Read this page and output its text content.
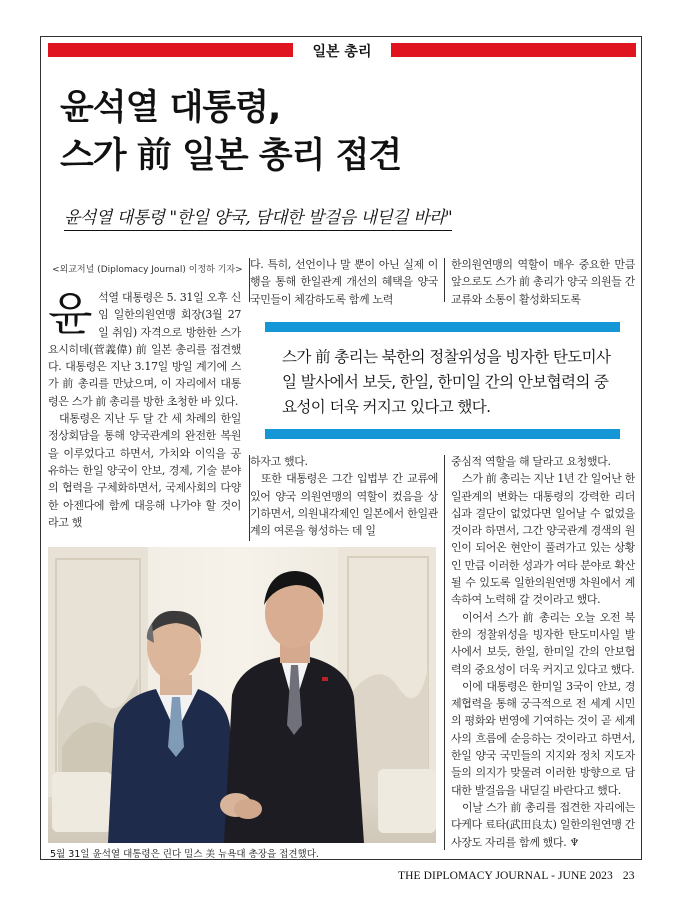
일본 총리
윤석열 대통령,
스가 前 일본 총리 접견
윤석열 대통령 "한일 양국, 담대한 발걸음 내딛길 바라"
<외교저널 (Diplomacy Journal) 이정하 기자>
윤 석열 대통령은 5. 31일 오후 신임 일한의원연맹 회장(3월 27일 취임) 자격으로 방한한 스가 요시히데(菅義偉) 前 일본 총리를 접견했다. 대통령은 지난 3.17일 방일 계기에 스가 前 총리를 만났으며, 이 자리에서 대통령은 스가 前 총리를 방한 초청한 바 있다.

대통령은 지난 두 달 간 세 차례의 한일 정상회담을 통해 양국관계의 완전한 복원을 이루었다고 하면서, 가치와 이익을 공유하는 한일 양국이 안보, 경제, 기술 분야의 협력을 구체화하면서, 국제사회의 다양한 아젠다에 함께 대응해 나가야 할 것이라고 했

다. 특히, 선언이나 말 뿐이 아닌 실제 이행을 통해 한일관계 개선의 혜택을 양국 국민들이 체감하도록 함께 노력

한의원연맹의 역할이 매우 중요한 만큼 앞으로도 스가 前 총리가 양국 의원들 간 교류와 소통이 활성화되도록

스가 前 총리는 북한의 정찰위성을 빙자한 탄도미사일 발사에서 보듯, 한일, 한미일 간의 안보협력의 중요성이 더욱 커지고 있다고 했다.

하자고 했다.

또한 대통령은 그간 입법부 간 교류에 있어 양국 의원연맹의 역할이 컸음을 상기하면서, 의원내각제인 일본에서 한일관계의 여론을 형성하는 데 일

중심적 역할을 해 달라고 요청했다.

스가 前 총리는 지난 1년 간 일어난 한일관계의 변화는 대통령의 강력한 리더십과 결단이 없었다면 일어날 수 없었을 것이라 하면서, 그간 양국관계 경색의 원인이 되어온 현안이 풀려가고 있는 상황인 만큼 이러한 성과가 여타 분야로 확산될 수 있도록 일한의원연맹 차원에서 계속하여 노력해 갈 것이라고 했다.

이어서 스가 前 총리는 오늘 오전 북한의 정찰위성을 빙자한 탄도미사일 발사에서 보듯, 한일, 한미일 간의 안보협력의 중요성이 더욱 커지고 있다고 했다.

이에 대통령은 한미일 3국이 안보, 경제협력을 통해 궁극적으로 전 세계 시민의 평화와 번영에 기여하는 것이 곧 세계사의 흐름에 순응하는 것이라고 하면서, 한일 양국 국민들의 지지와 정치 지도자들의 의지가 맞물려 이러한 방향으로 담대한 발걸음을 내딛길 바란다고 했다.

이날 스가 前 총리를 접견한 자리에는 다케다 료타(武田良太) 일한의원연맹 간사장도 자리를 함께 했다. ♆

5월 31일 윤석열 대통령은 린다 밀스 美 뉴욕대 총장을 접견했다.
THE DIPLOMACY JOURNAL - JUNE 2023 23
